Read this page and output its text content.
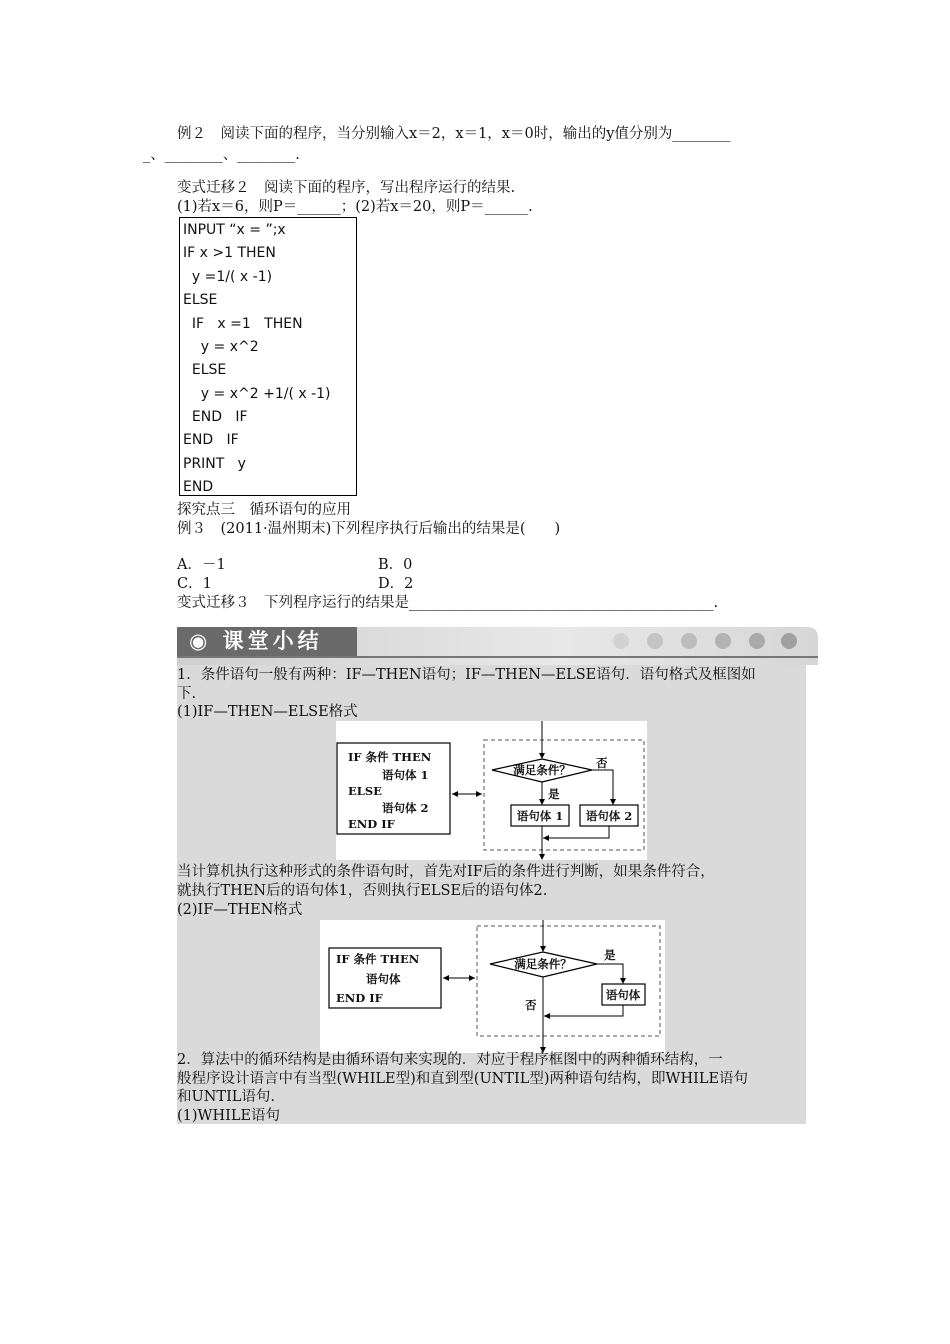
例２　阅读下面的程序，当分别输入x＝2，x＝1，x＝0时，输出的y值分别为________
_、________、________.
变式迁移２　阅读下面的程序，写出程序运行的结果.
(1)若x＝6，则P＝______；(2)若x＝20，则P＝______.
INPUT “x = ”;x
IF x >1 THEN
y =1/( x -1)
ELSE
IF   x =1   THEN
y = x^2
ELSE
y = x^2 +1/( x -1)
END   IF
END   IF
PRINT   y
END
探究点三　循环语句的应用
例３　(2011·温州期末)下列程序执行后输出的结果是(　　)
A．－1	B．0
C．1	D．2
变式迁移３　下列程序运行的结果是__________________________________________.
◉ 课堂小结
1．条件语句一般有两种：IF—THEN语句；IF—THEN—ELSE语句．语句格式及框图如
下.
(1)IF—THEN—ELSE格式
IF 条件 THEN
语句体 1
ELSE
语句体 2
END IF
满足条件？ 否
是
语句体 1 语句体 2
当计算机执行这种形式的条件语句时，首先对IF后的条件进行判断，如果条件符合，
就执行THEN后的语句体1，否则执行ELSE后的语句体2.
(2)IF—THEN格式
IF 条件 THEN
语句体
END IF
满足条件？
是
语句体
否
2．算法中的循环结构是由循环语句来实现的．对应于程序框图中的两种循环结构，一
般程序设计语言中有当型(WHILE型)和直到型(UNTIL型)两种语句结构，即WHILE语句
和UNTIL语句.
(1)WHILE语句
